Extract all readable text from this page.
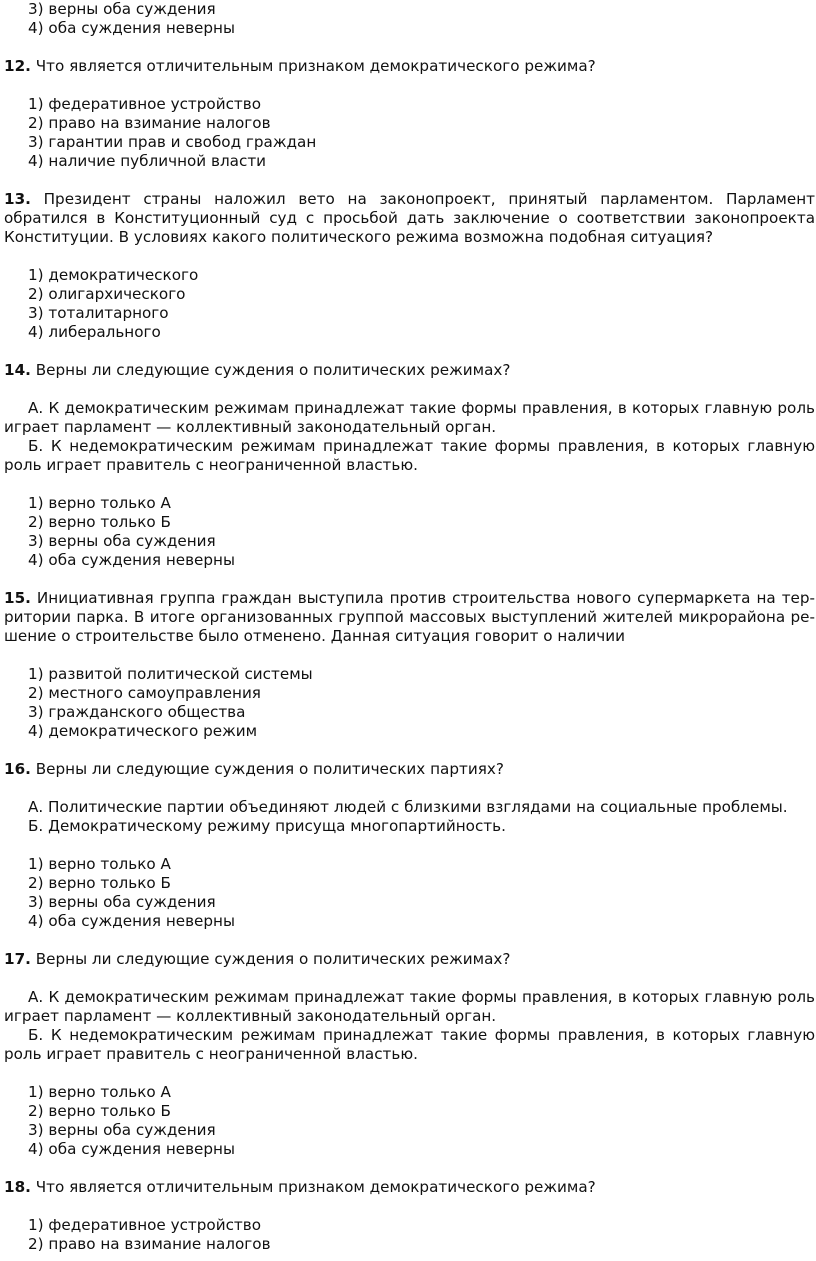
3) верны оба суждения
4) оба суждения неверны
12. Что является отличительным признаком демократического режима?
1) федеративное устройство
2) право на взимание налогов
3) гарантии прав и свобод граждан
4) наличие публичной власти
13. Президент страны наложил вето на законопроект, принятый парламентом. Парламент обратился в Конституционный суд с просьбой дать заключение о соответствии законопроекта Конституции. В условиях какого политического режима возможна подобная ситуация?
1) демократического
2) олигархического
3) тоталитарного
4) либерального
14. Верны ли следующие суждения о политических режимах?
А. К демократическим режимам принадлежат такие формы правления, в которых главную роль играет парламент — коллективный законодательный орган.
Б. К недемократическим режимам принадлежат такие формы правления, в которых главную роль играет правитель с неограниченной властью.
1) верно только А
2) верно только Б
3) верны оба суждения
4) оба суждения неверны
15. Инициативная группа граждан выступила против строительства нового супермаркета на территории парка. В итоге организованных группой массовых выступлений жителей микрорайона решение о строительстве было отменено. Данная ситуация говорит о наличии
1) развитой политической системы
2) местного самоуправления
3) гражданского общества
4) демократического режим
16. Верны ли следующие суждения о политических партиях?
А. Политические партии объединяют людей с близкими взглядами на социальные проблемы.
Б. Демократическому режиму присуща многопартийность.
1) верно только А
2) верно только Б
3) верны оба суждения
4) оба суждения неверны
17. Верны ли следующие суждения о политических режимах?
А. К демократическим режимам принадлежат такие формы правления, в которых главную роль играет парламент — коллективный законодательный орган.
Б. К недемократическим режимам принадлежат такие формы правления, в которых главную роль играет правитель с неограниченной властью.
1) верно только А
2) верно только Б
3) верны оба суждения
4) оба суждения неверны
18. Что является отличительным признаком демократического режима?
1) федеративное устройство
2) право на взимание налогов
